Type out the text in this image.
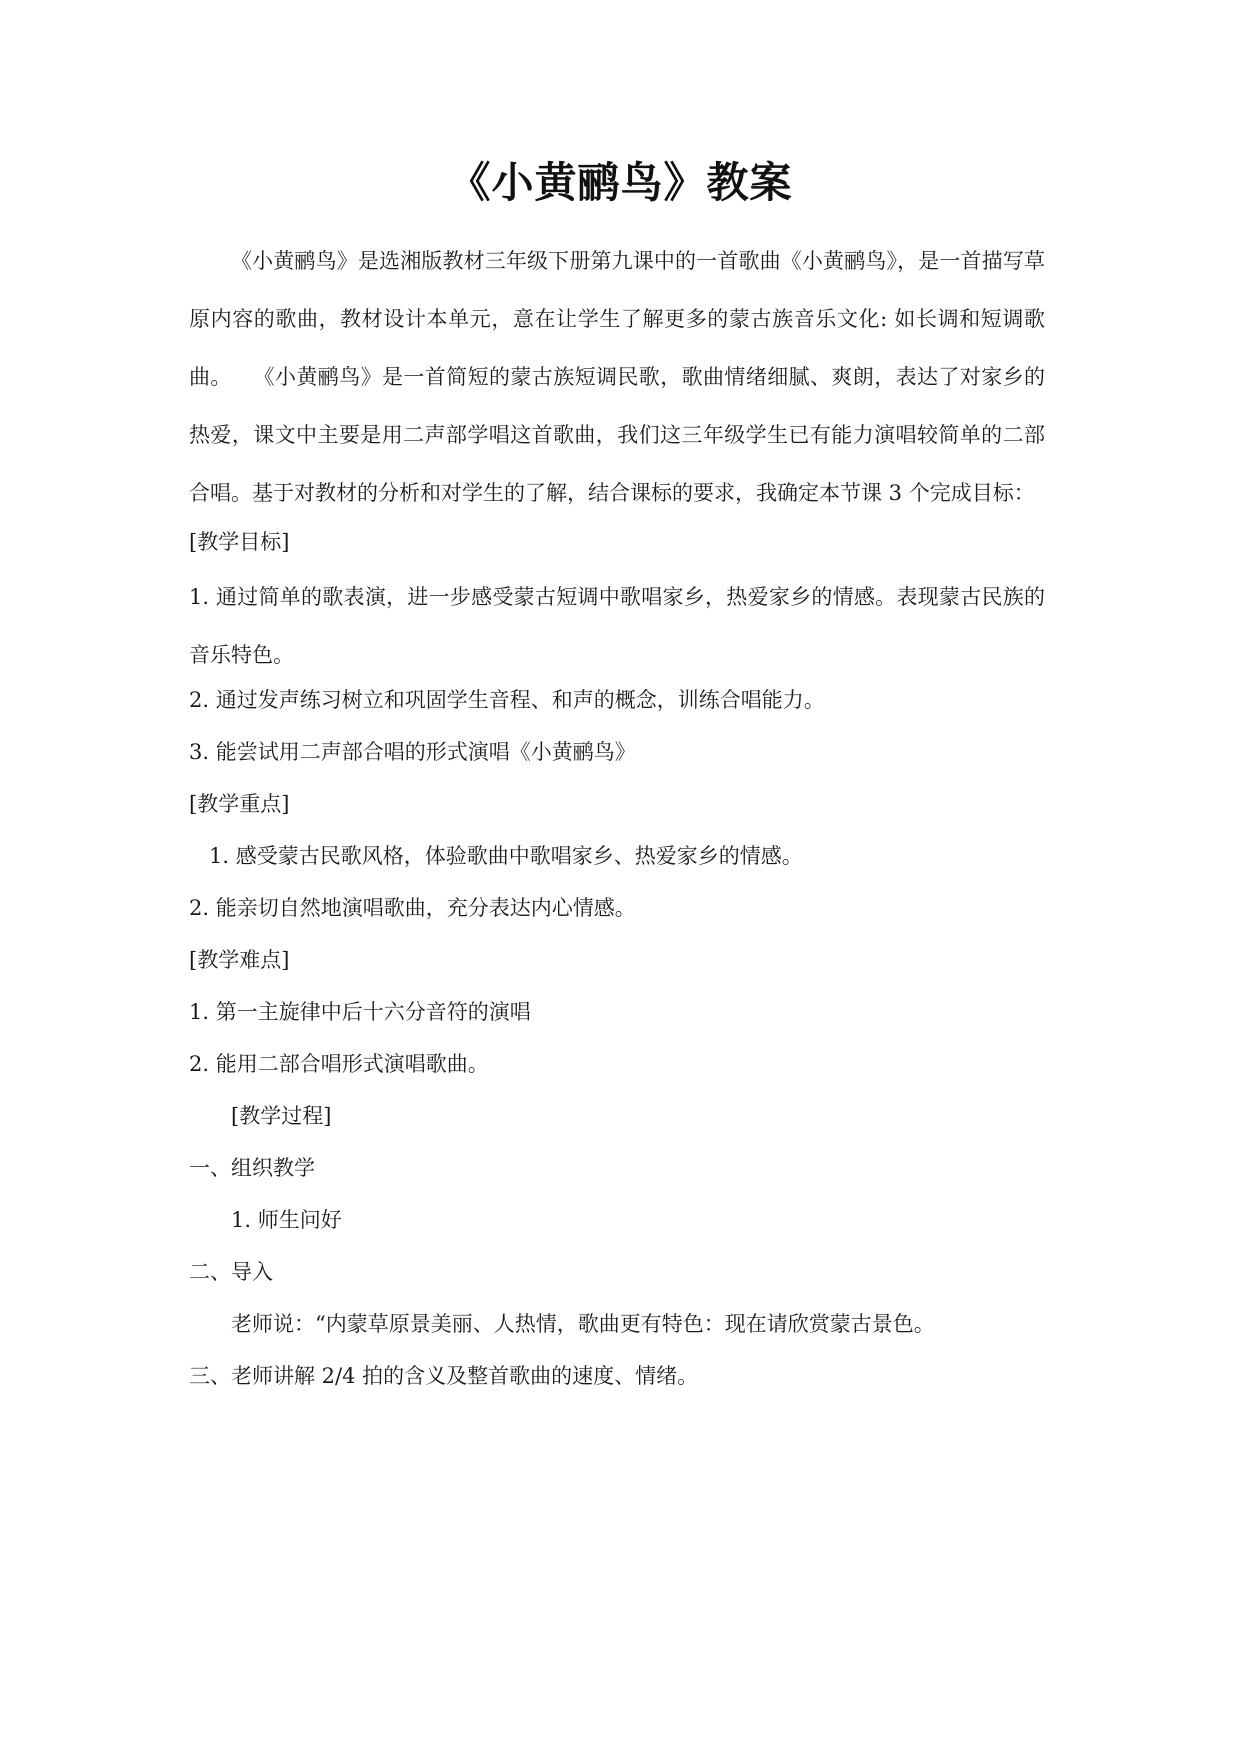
《小黄鹂鸟》教案

《小黄鹂鸟》是选湘版教材三年级下册第九课中的一首歌曲《小黄鹂鸟》，是一首描写草原内容的歌曲，教材设计本单元，意在让学生了解更多的蒙古族音乐文化: 如长调和短调歌曲。　　《小黄鹂鸟》是一首简短的蒙古族短调民歌，歌曲情绪细腻、爽朗，表达了对家乡的热爱，课文中主要是用二声部学唱这首歌曲，我们这三年级学生已有能力演唱较简单的二部合唱。基于对教材的分析和对学生的了解，结合课标的要求，我确定本节课 3 个完成目标：

[教学目标]

1. 通过简单的歌表演，进一步感受蒙古短调中歌唱家乡，热爱家乡的情感。表现蒙古民族的音乐特色。

2. 通过发声练习树立和巩固学生音程、和声的概念，训练合唱能力。

3. 能尝试用二声部合唱的形式演唱《小黄鹂鸟》

[教学重点]

1. 感受蒙古民歌风格，体验歌曲中歌唱家乡、热爱家乡的情感。

2. 能亲切自然地演唱歌曲，充分表达内心情感。

[教学难点]

1. 第一主旋律中后十六分音符的演唱

2. 能用二部合唱形式演唱歌曲。

[教学过程]

一、组织教学

1. 师生问好

二、导入

老师说：“内蒙草原景美丽、人热情，歌曲更有特色：现在请欣赏蒙古景色。

三、老师讲解 2/4 拍的含义及整首歌曲的速度、情绪。
